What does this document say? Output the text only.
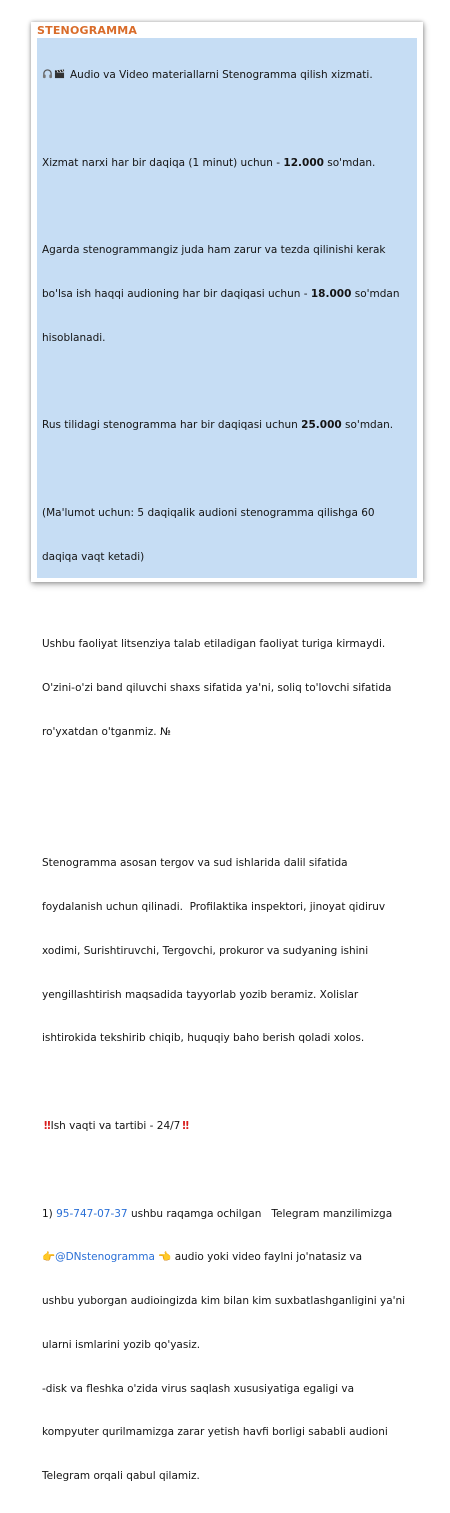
STENOGRAMMA

Audio va Video materiallarni Stenogramma qilish xizmati.

Xizmat narxi har bir daqiqa (1 minut) uchun - 12.000 so'mdan.

Agarda stenogrammangiz juda ham zarur va tezda qilinishi kerak

bo'lsa ish haqqi audioning har bir daqiqasi uchun - 18.000 so'mdan

hisoblanadi.

Rus tilidagi stenogramma har bir daqiqasi uchun 25.000 so'mdan.

(Ma'lumot uchun: 5 daqiqalik audioni stenogramma qilishga 60

daqiqa vaqt ketadi)

Ushbu faoliyat litsenziya talab etiladigan faoliyat turiga kirmaydi.

O'zini-o'zi band qiluvchi shaxs sifatida ya'ni, soliq to'lovchi sifatida

ro'yxatdan o'tganmiz. №

Stenogramma asosan tergov va sud ishlarida dalil sifatida

foydalanish uchun qilinadi.  Profilaktika inspektori, jinoyat qidiruv

xodimi, Surishtiruvchi, Tergovchi, prokuror va sudyaning ishini

yengillashtirish maqsadida tayyorlab yozib beramiz. Xolislar

ishtirokida tekshirib chiqib, huquqiy baho berish qoladi xolos.

‼ Ish vaqti va tartibi - 24/7 ‼

1) 95-747-07-37 ushbu raqamga ochilgan   Telegram manzilimizga

👉@DNstenogramma 👈 audio yoki video faylni jo'natasiz va

ushbu yuborgan audioingizda kim bilan kim suxbatlashganligini ya'ni

ularni ismlarini yozib qo'yasiz.

-disk va fleshka o'zida virus saqlash xususiyatiga egaligi va

kompyuter qurilmamizga zarar yetish havfi borligi sababli audioni

Telegram orqali qabul qilamiz.
